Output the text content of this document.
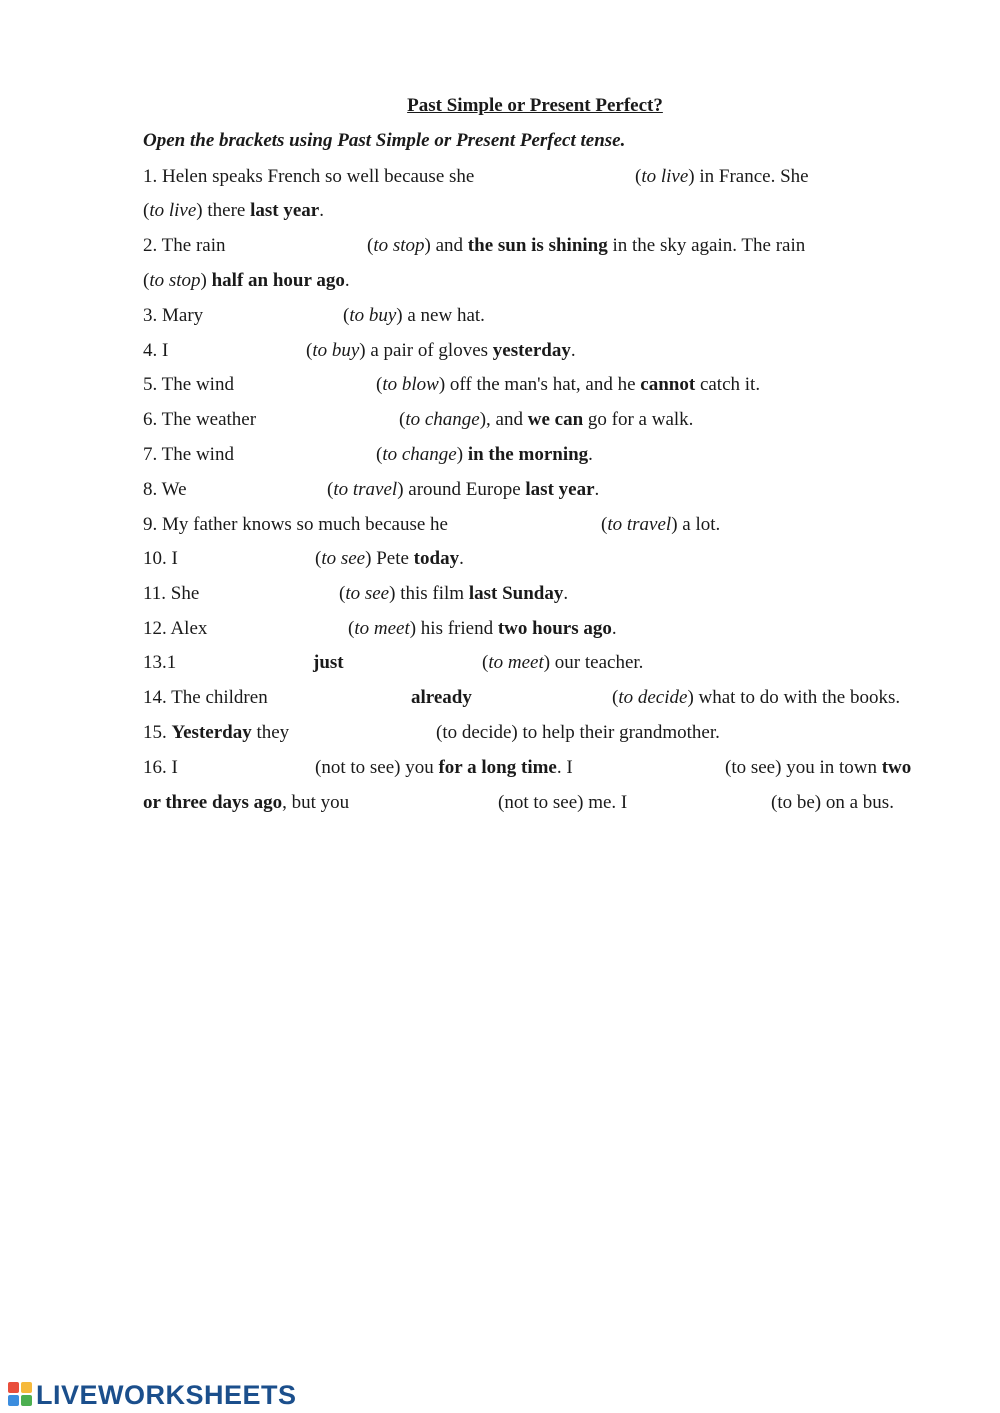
Past Simple or Present Perfect?
Open the brackets using Past Simple or Present Perfect tense.
1. Helen speaks French so well because she	(to live) in France. She
(to live) there last year.
2. The rain	(to stop) and the sun is shining in the sky again. The rain
(to stop) half an hour ago.
3. Mary	(to buy) a new hat.
4. I	(to buy) a pair of gloves yesterday.
5. The wind	(to blow) off the man's hat, and he cannot catch it.
6. The weather	(to change), and we can go for a walk.
7. The wind	(to change) in the morning.
8. We	(to travel) around Europe last year.
9. My father knows so much because he	(to travel) a lot.
10. I	(to see) Pete today.
11. She	(to see) this film last Sunday.
12. Alex	(to meet) his friend two hours ago.
13.1	just	(to meet) our teacher.
14. The children	already	(to decide) what to do with the books.
15. Yesterday they	(to decide) to help their grandmother.
16. I	(not to see) you for a long time. I	(to see) you in town two
or three days ago, but you	(not to see) me. I	(to be) on a bus.
LIVEWORKSHEETS
